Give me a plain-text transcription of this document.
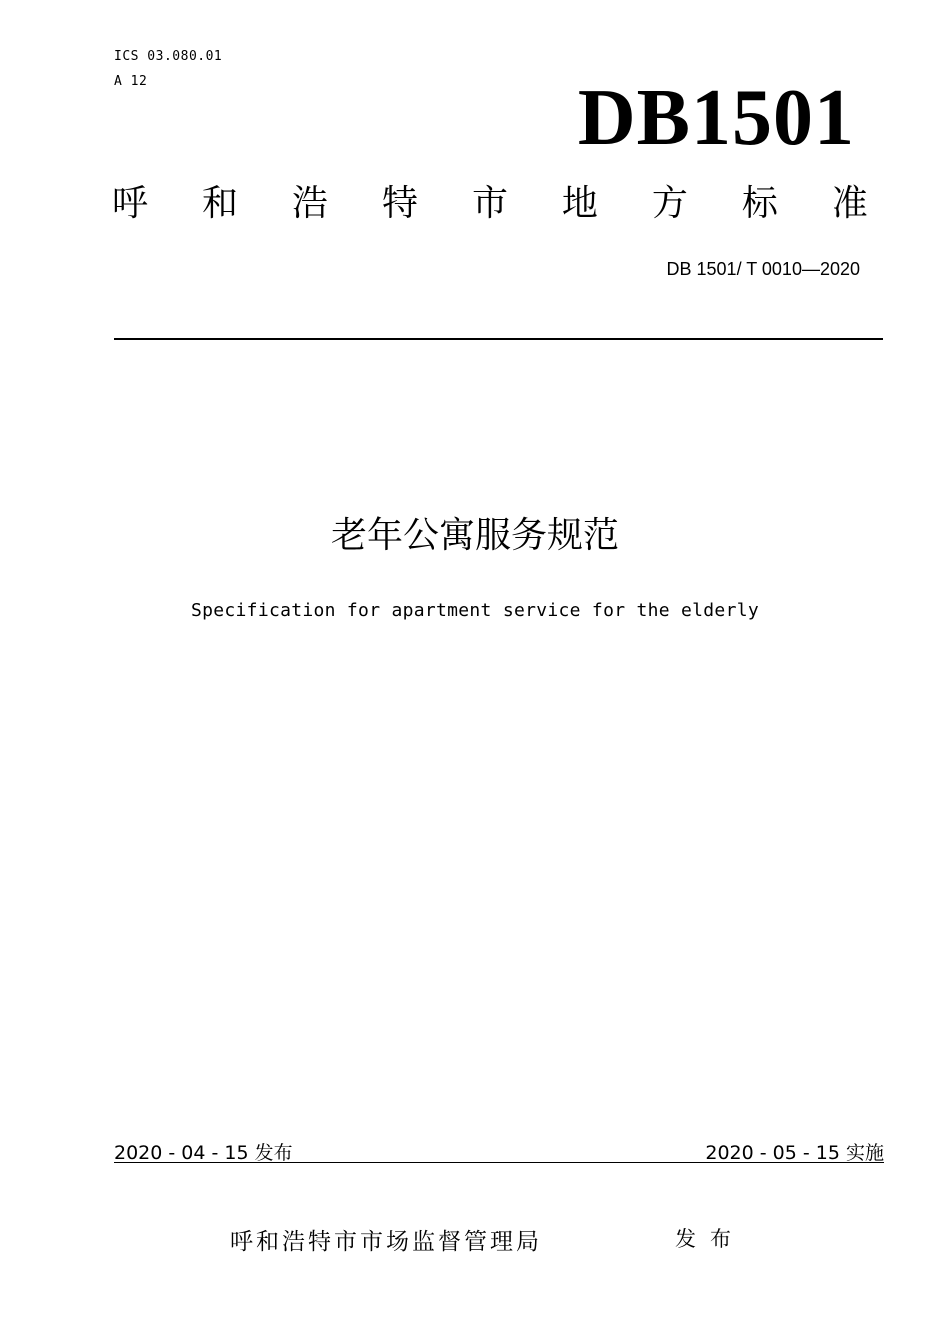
ICS 03.080.01
A 12	DB1501
呼 和 浩 特 市 地 方 标 准
DB 1501/ T 0010—2020
老年公寓服务规范
Specification for apartment service for the elderly
2020 - 04 - 15 发布	2020 - 05 - 15 实施
呼和浩特市市场监督管理局	发布
